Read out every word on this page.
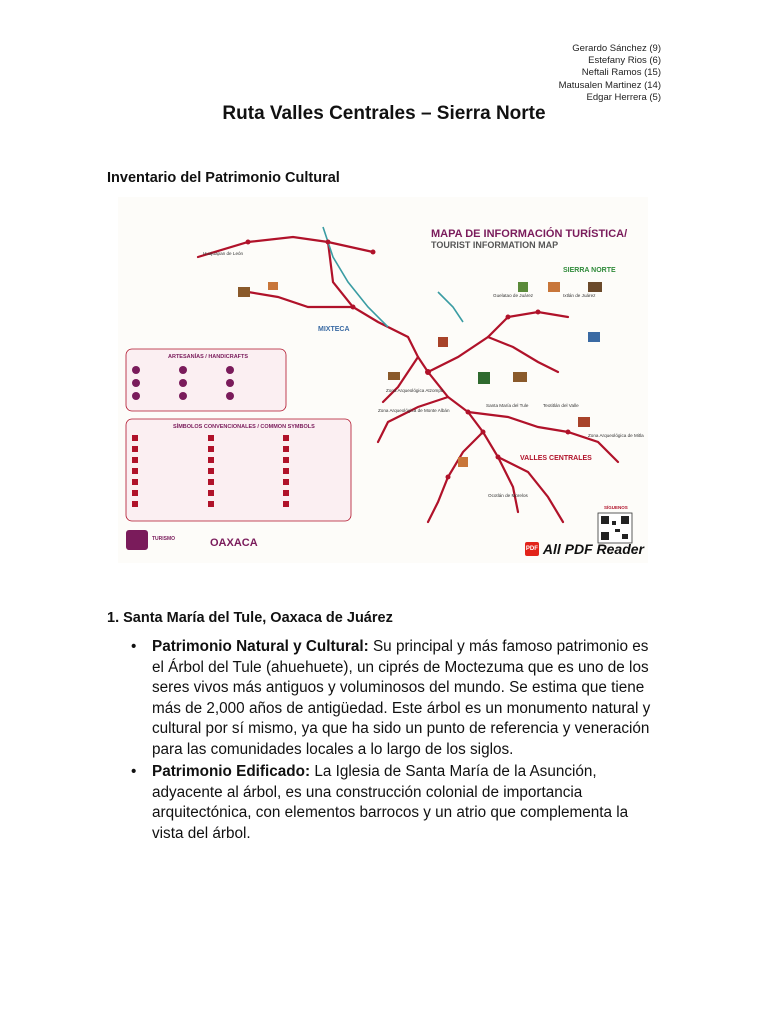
Gerardo Sánchez (9)
Estefany Rios (6)
Neftali Ramos (15)
Matusalen Martinez (14)
Edgar Herrera (5)
Ruta Valles Centrales – Sierra Norte
Inventario del Patrimonio Cultural
MAPA DE INFORMACIÓN TURÍSTICA/
TOURIST INFORMATION MAP
SIERRA NORTE
VALLES CENTRALES
MIXTECA
Santa María del Tule
Zona Arqueológica de Mitla
Zona Arqueológica de Monte Albán
Huajuapan de León
Ixtlán de Juárez
Guelatao de Juárez
Teotitlán del Valle
Zona Arqueológica Atzompa
Ocotlán de Morelos
ARTESANÍAS / HANDICRAFTS
SÍMBOLOS CONVENCIONALES / COMMON SYMBOLS
TURISMO	OAXACA
SÍGUENOS
PDF All PDF Reader
1. Santa María del Tule, Oaxaca de Juárez
• Patrimonio Natural y Cultural: Su principal y más famoso patrimonio es el Árbol del Tule (ahuehuete), un ciprés de Moctezuma que es uno de los seres vivos más antiguos y voluminosos del mundo. Se estima que tiene más de 2,000 años de antigüedad. Este árbol es un monumento natural y cultural por sí mismo, ya que ha sido un punto de referencia y veneración para las comunidades locales a lo largo de los siglos.
• Patrimonio Edificado: La Iglesia de Santa María de la Asunción, adyacente al árbol, es una construcción colonial de importancia arquitectónica, con elementos barrocos y un atrio que complementa la vista del árbol.
